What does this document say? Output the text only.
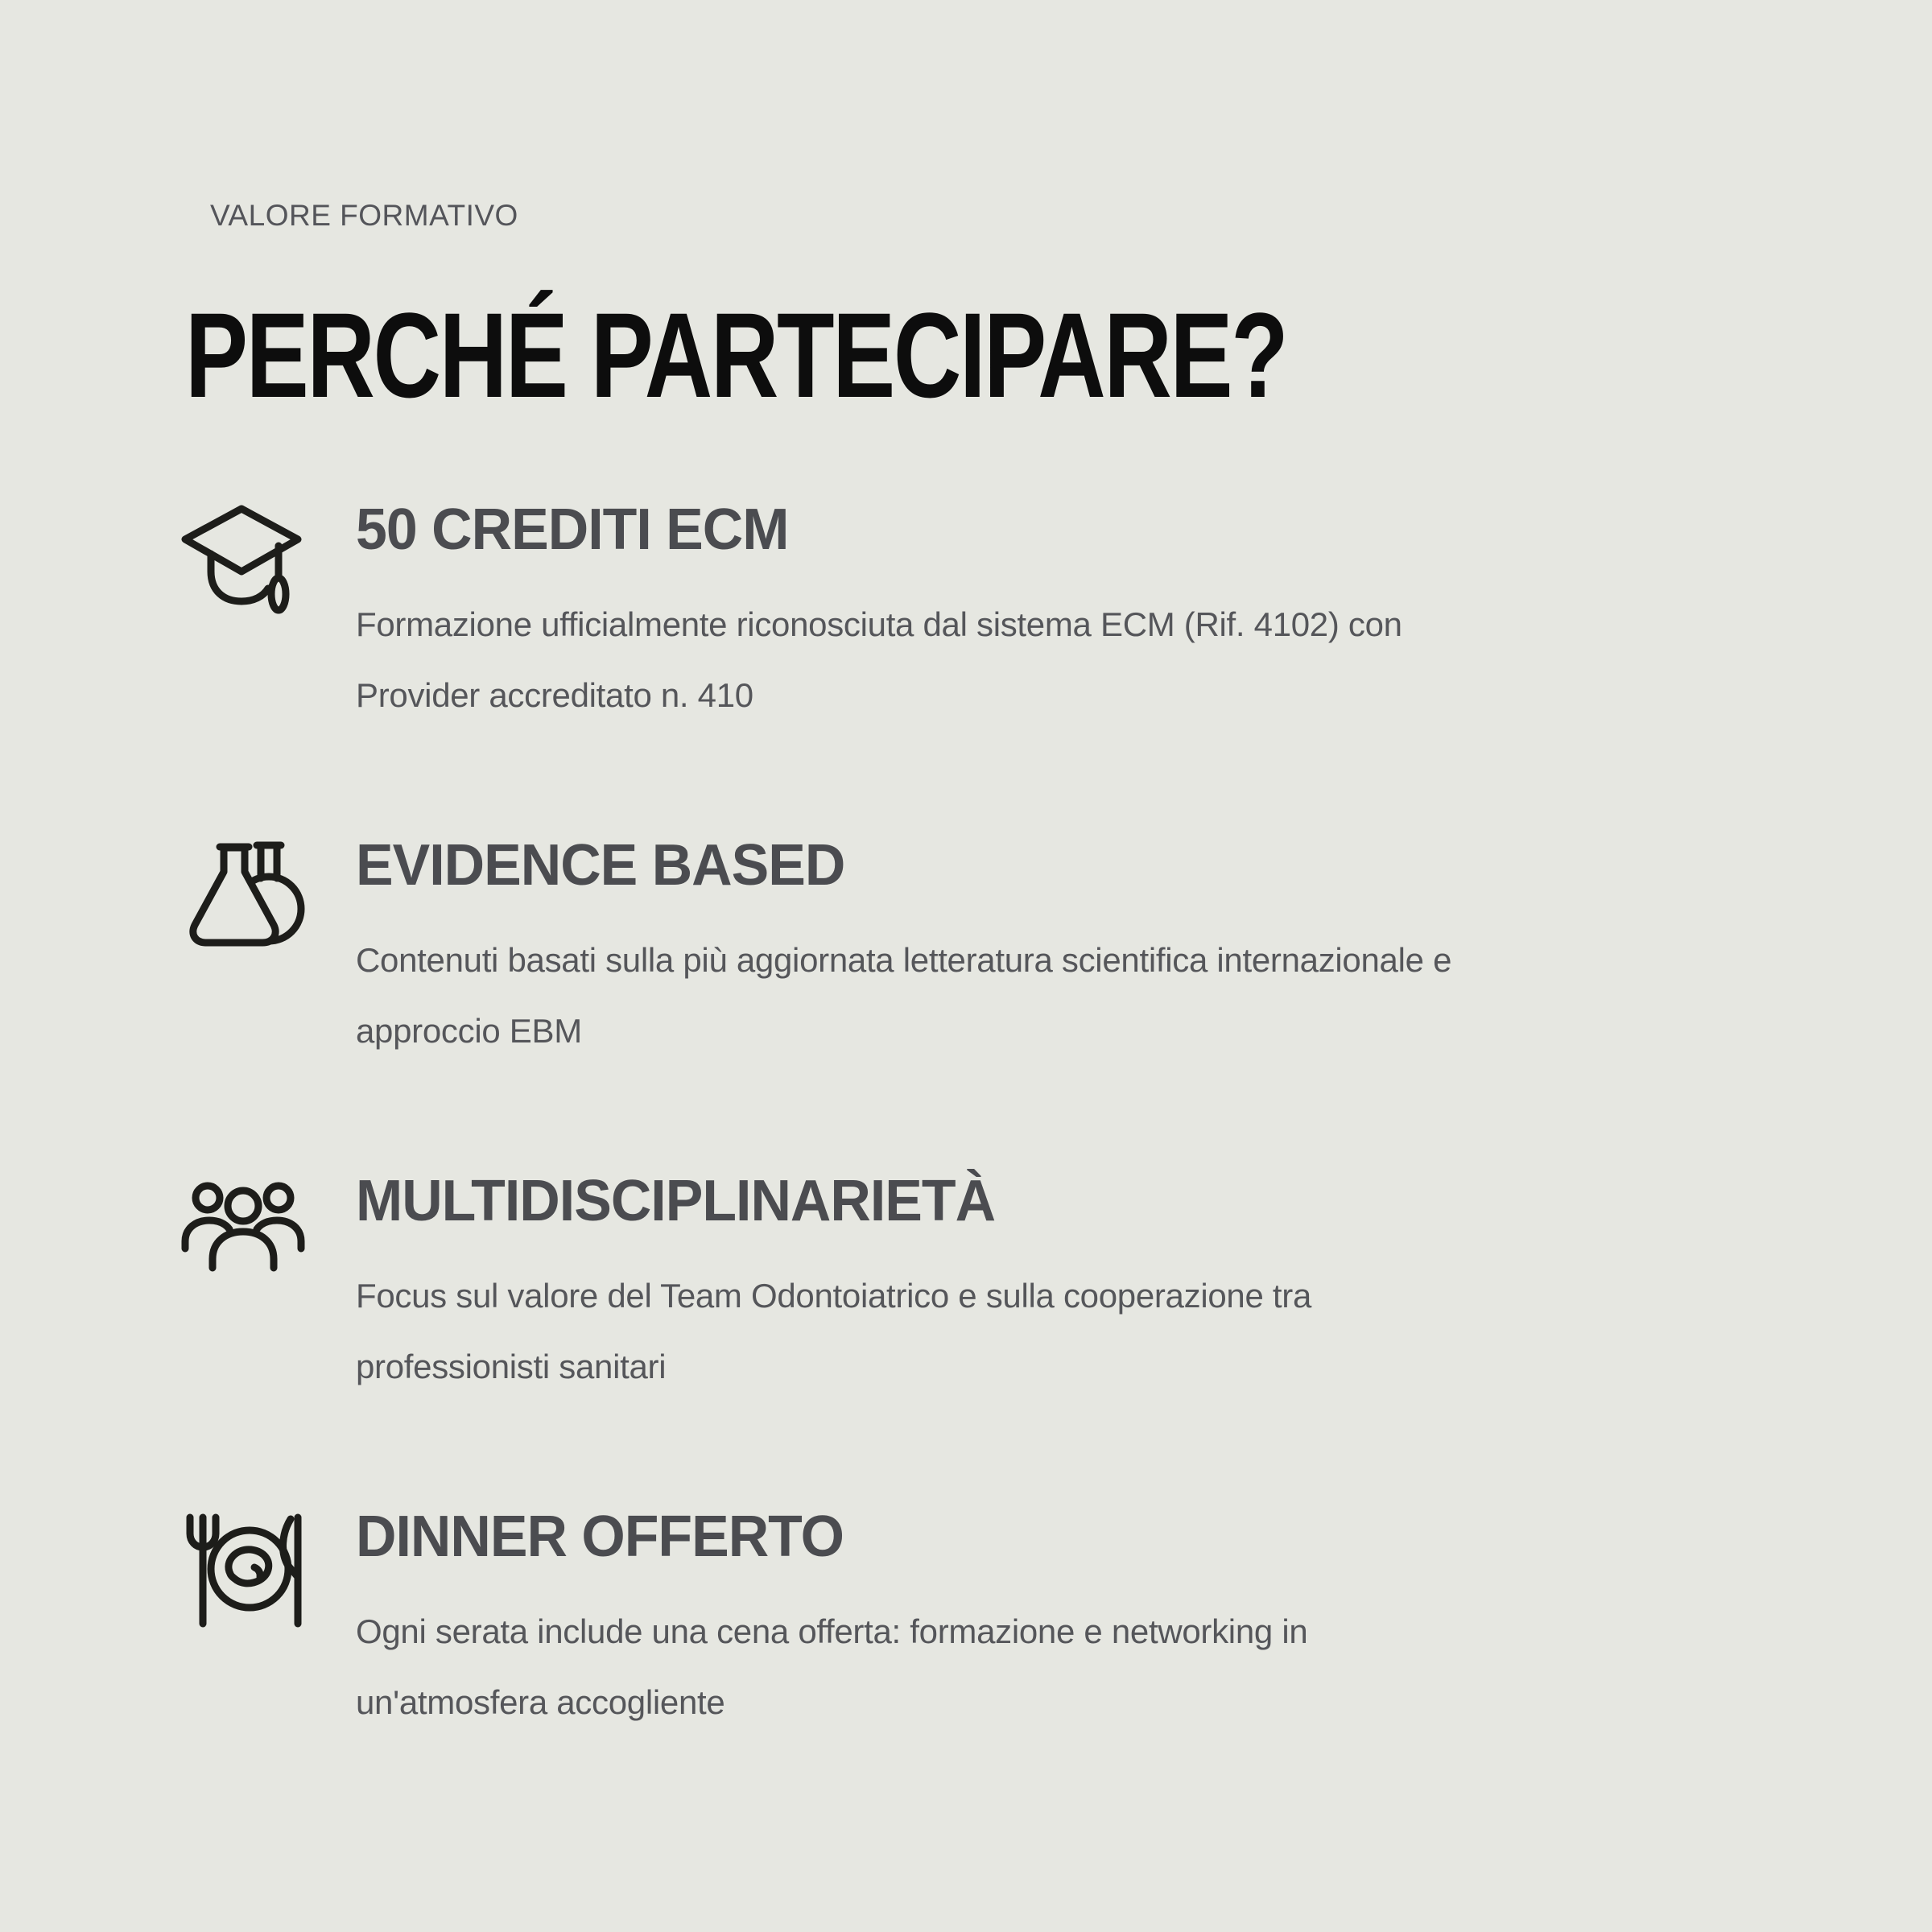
VALORE FORMATIVO
PERCHÉ PARTECIPARE?
50 CREDITI ECM
Formazione ufficialmente riconosciuta dal sistema ECM (Rif. 4102) con
Provider accreditato n. 410
EVIDENCE BASED
Contenuti basati sulla più aggiornata letteratura scientifica internazionale e
approccio EBM
MULTIDISCIPLINARIETÀ
Focus sul valore del Team Odontoiatrico e sulla cooperazione tra
professionisti sanitari
DINNER OFFERTO
Ogni serata include una cena offerta: formazione e networking in
un'atmosfera accogliente
